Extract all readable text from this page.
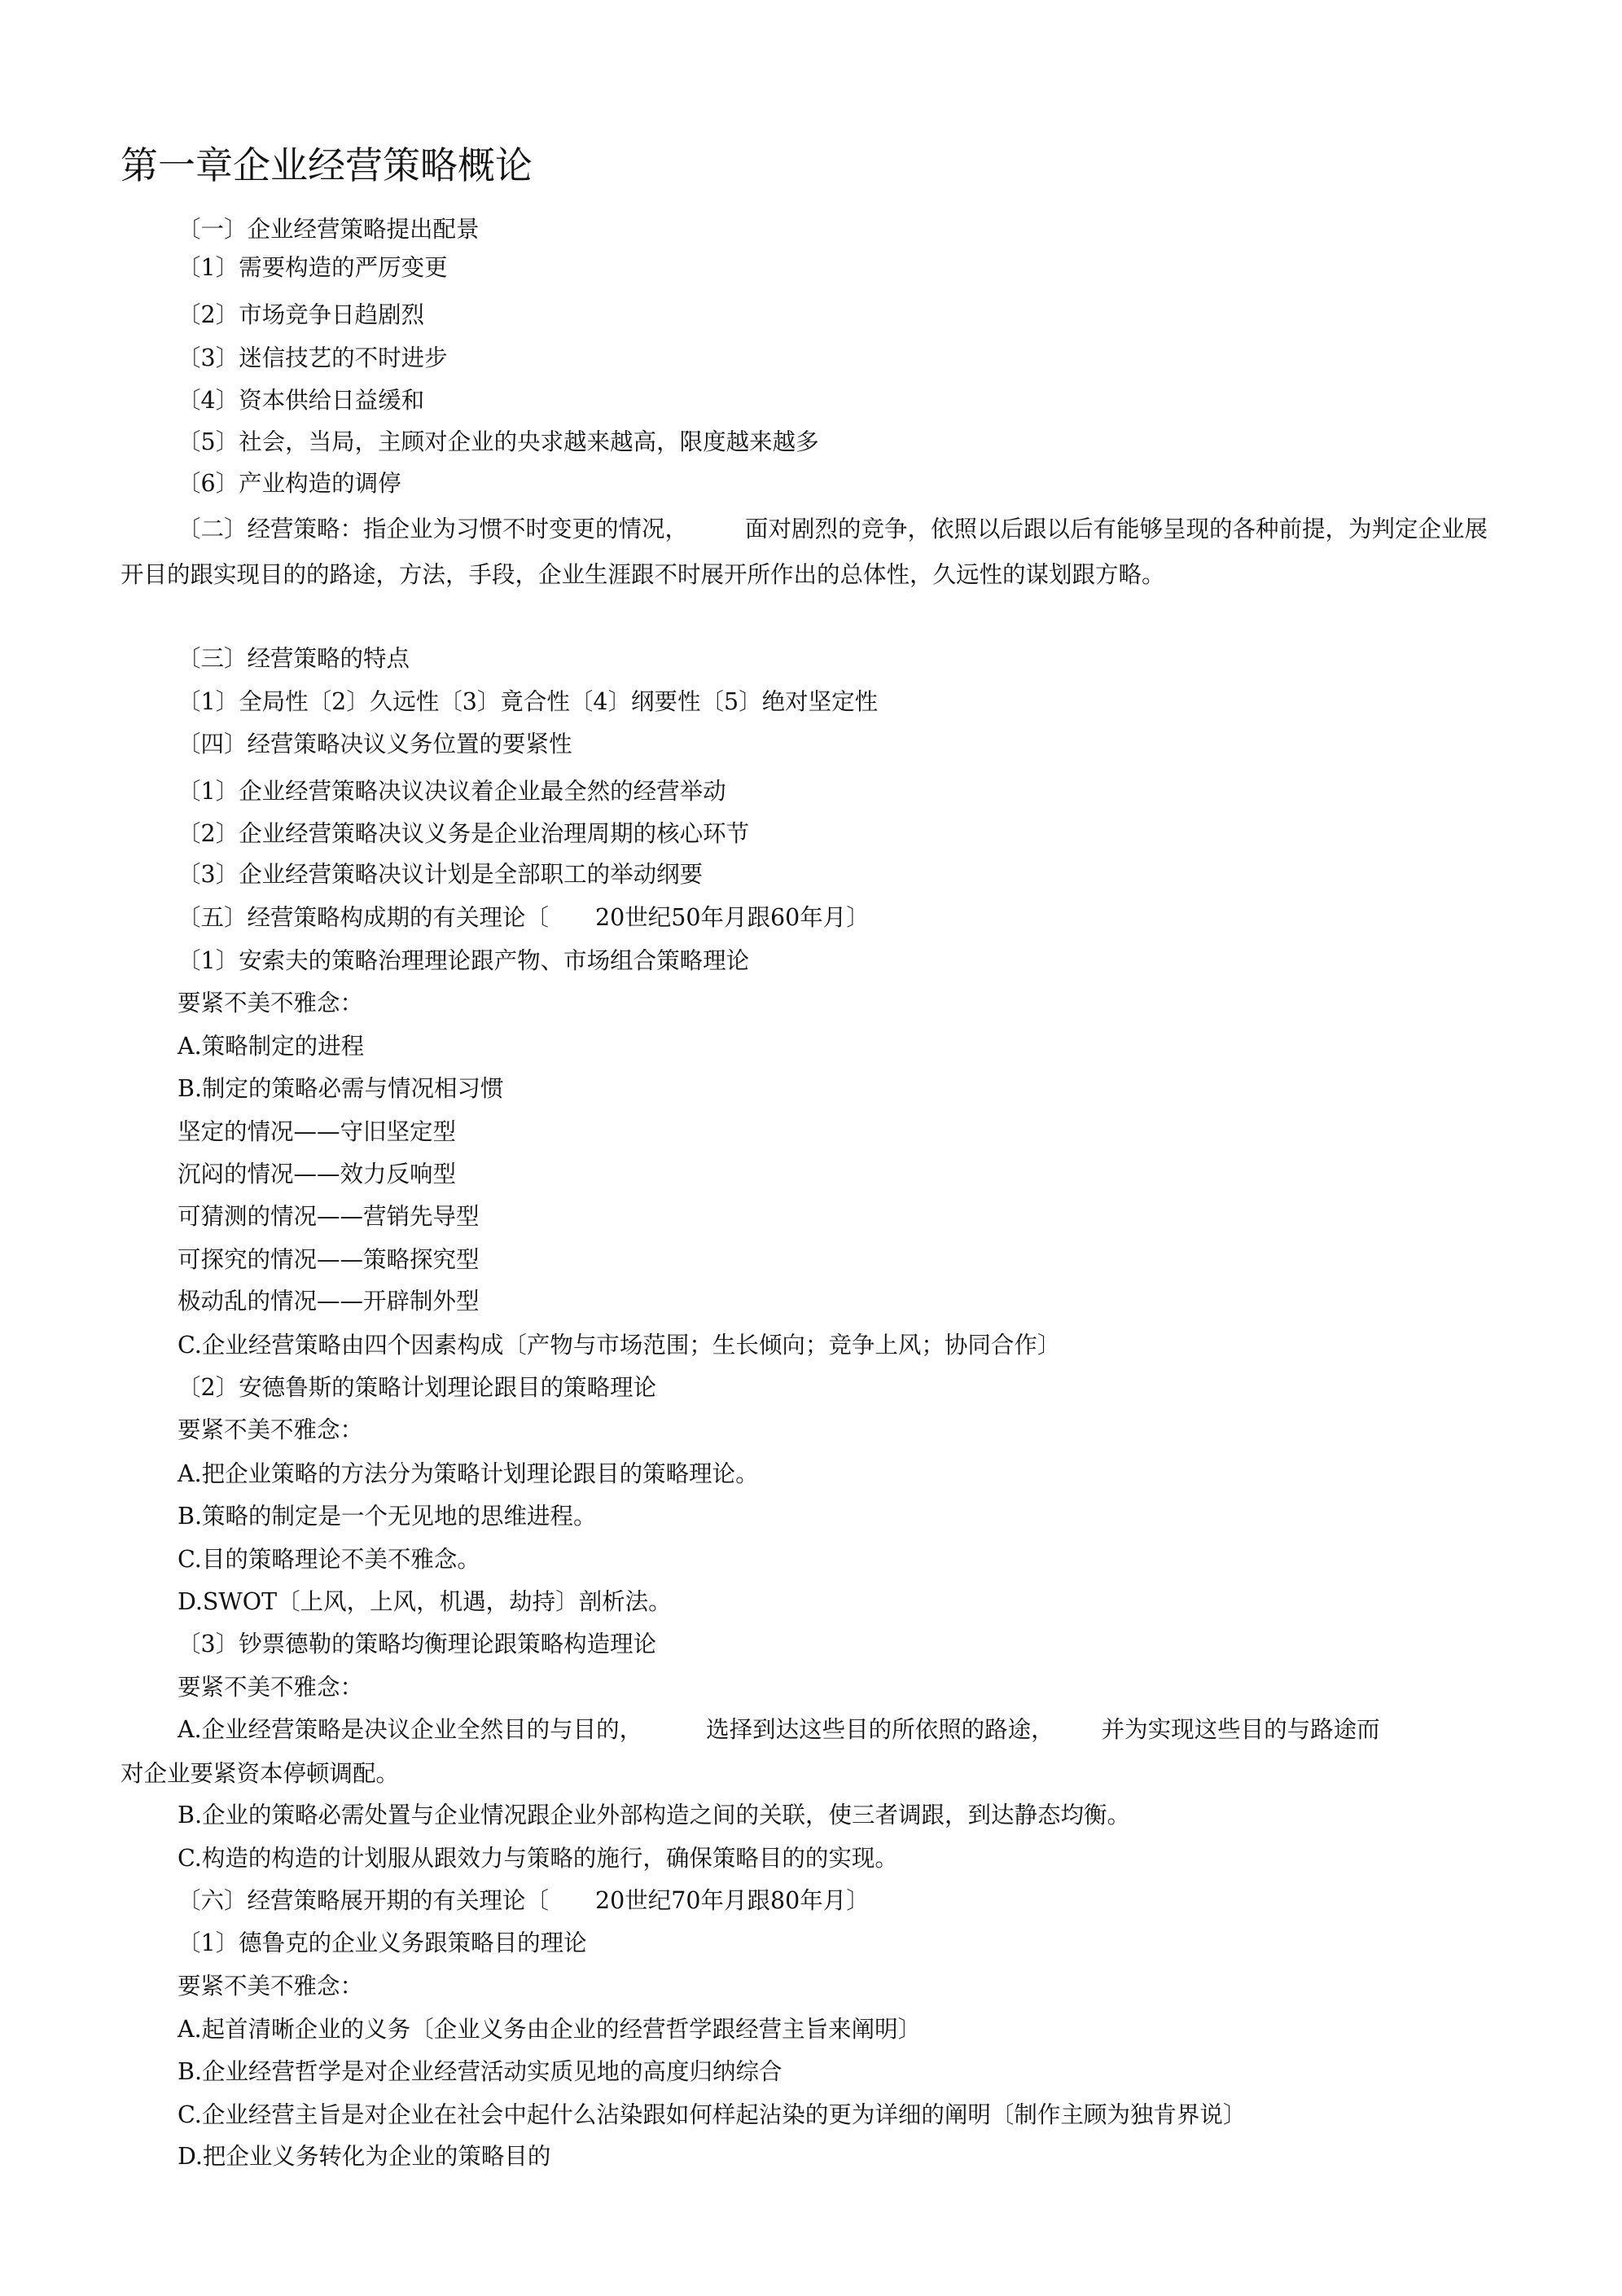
第一章企业经营策略概论
〔一〕企业经营策略提出配景
〔1〕需要构造的严厉变更
〔2〕市场竞争日趋剧烈
〔3〕迷信技艺的不时进步
〔4〕资本供给日益缓和
〔5〕社会，当局，主顾对企业的央求越来越高，限度越来越多
〔6〕产业构造的调停
〔二〕经营策略：指企业为习惯不时变更的情况， 面对剧烈的竞争，依照以后跟以后有能够呈现的各种前提，为判定企业展开目的跟实现目的的路途，方法，手段，企业生涯跟不时展开所作出的总体性，久远性的谋划跟方略。
〔三〕经营策略的特点
〔1〕全局性〔2〕久远性〔3〕竟合性〔4〕纲要性〔5〕绝对坚定性
〔四〕经营策略决议义务位置的要紧性
〔1〕企业经营策略决议决议着企业最全然的经营举动
〔2〕企业经营策略决议义务是企业治理周期的核心环节
〔3〕企业经营策略决议计划是全部职工的举动纲要
〔五〕经营策略构成期的有关理论〔　　20世纪50年月跟60年月〕
〔1〕安索夫的策略治理理论跟产物、市场组合策略理论
要紧不美不雅念：
A.策略制定的进程
B.制定的策略必需与情况相习惯
坚定的情况——守旧坚定型
沉闷的情况——效力反响型
可猜测的情况——营销先导型
可探究的情况——策略探究型
极动乱的情况——开辟制外型
C.企业经营策略由四个因素构成〔产物与市场范围；生长倾向；竞争上风；协同合作〕
〔2〕安德鲁斯的策略计划理论跟目的策略理论
要紧不美不雅念：
A.把企业策略的方法分为策略计划理论跟目的策略理论。
B.策略的制定是一个无见地的思维进程。
C.目的策略理论不美不雅念。
D.SWOT〔上风，上风，机遇，劫持〕剖析法。
〔3〕钞票德勒的策略均衡理论跟策略构造理论
要紧不美不雅念：
A.企业经营策略是决议企业全然目的与目的，	选择到达这些目的所依照的路途， 并为实现这些目的与路途而
对企业要紧资本停顿调配。
B.企业的策略必需处置与企业情况跟企业外部构造之间的关联，使三者调跟，到达静态均衡。
C.构造的构造的计划服从跟效力与策略的施行，确保策略目的的实现。
〔六〕经营策略展开期的有关理论〔　　20世纪70年月跟80年月〕
〔1〕德鲁克的企业义务跟策略目的理论
要紧不美不雅念：
A.起首清晰企业的义务〔企业义务由企业的经营哲学跟经营主旨来阐明〕
B.企业经营哲学是对企业经营活动实质见地的高度归纳综合
C.企业经营主旨是对企业在社会中起什么沾染跟如何样起沾染的更为详细的阐明〔制作主顾为独肯界说〕
D.把企业义务转化为企业的策略目的
